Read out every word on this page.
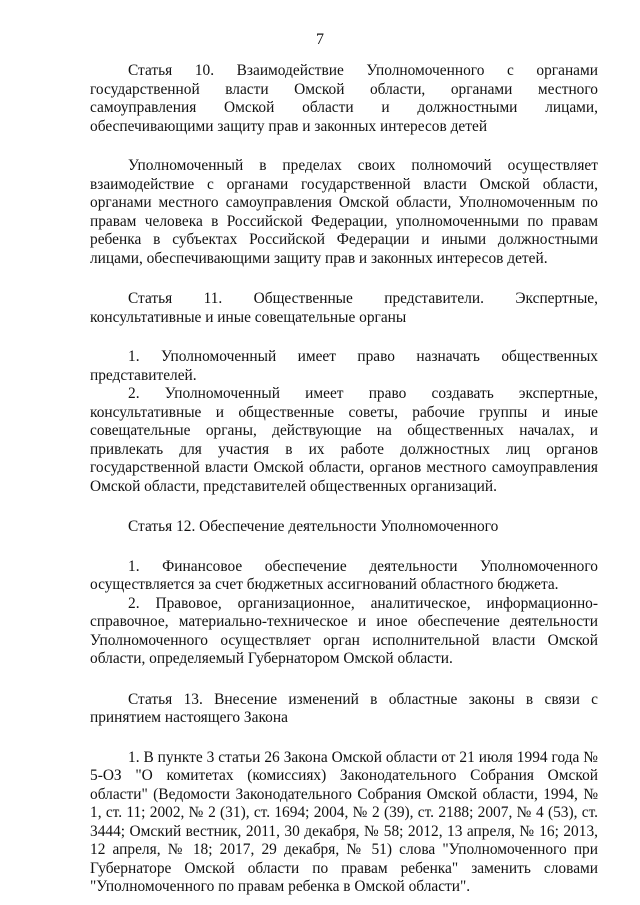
7

Статья 10. Взаимодействие Уполномоченного с органами государственной власти Омской области, органами местного самоуправления Омской области и должностными лицами, обеспечивающими защиту прав и законных интересов детей

Уполномоченный в пределах своих полномочий осуществляет взаимодействие с органами государственной власти Омской области, органами местного самоуправления Омской области, Уполномоченным по правам человека в Российской Федерации, уполномоченными по правам ребенка в субъектах Российской Федерации и иными должностными лицами, обеспечивающими защиту прав и законных интересов детей.

Статья 11. Общественные представители. Экспертные, консультативные и иные совещательные органы

1. Уполномоченный имеет право назначать общественных представителей.

2. Уполномоченный имеет право создавать экспертные, консультативные и общественные советы, рабочие группы и иные совещательные органы, действующие на общественных началах, и привлекать для участия в их работе должностных лиц органов государственной власти Омской области, органов местного самоуправления Омской области, представителей общественных организаций.

Статья 12. Обеспечение деятельности Уполномоченного

1. Финансовое обеспечение деятельности Уполномоченного осуществляется за счет бюджетных ассигнований областного бюджета.

2. Правовое, организационное, аналитическое, информационно-справочное, материально-техническое и иное обеспечение деятельности Уполномоченного осуществляет орган исполнительной власти Омской области, определяемый Губернатором Омской области.

Статья 13. Внесение изменений в областные законы в связи с принятием настоящего Закона

1. В пункте 3 статьи 26 Закона Омской области от 21 июля 1994 года № 5-ОЗ "О комитетах (комиссиях) Законодательного Собрания Омской области" (Ведомости Законодательного Собрания Омской области, 1994, № 1, ст. 11; 2002, № 2 (31), ст. 1694; 2004, № 2 (39), ст. 2188; 2007, № 4 (53), ст. 3444; Омский вестник, 2011, 30 декабря, № 58; 2012, 13 апреля, № 16; 2013, 12 апреля, № 18; 2017, 29 декабря, № 51) слова "Уполномоченного при Губернаторе Омской области по правам ребенка" заменить словами "Уполномоченного по правам ребенка в Омской области".
